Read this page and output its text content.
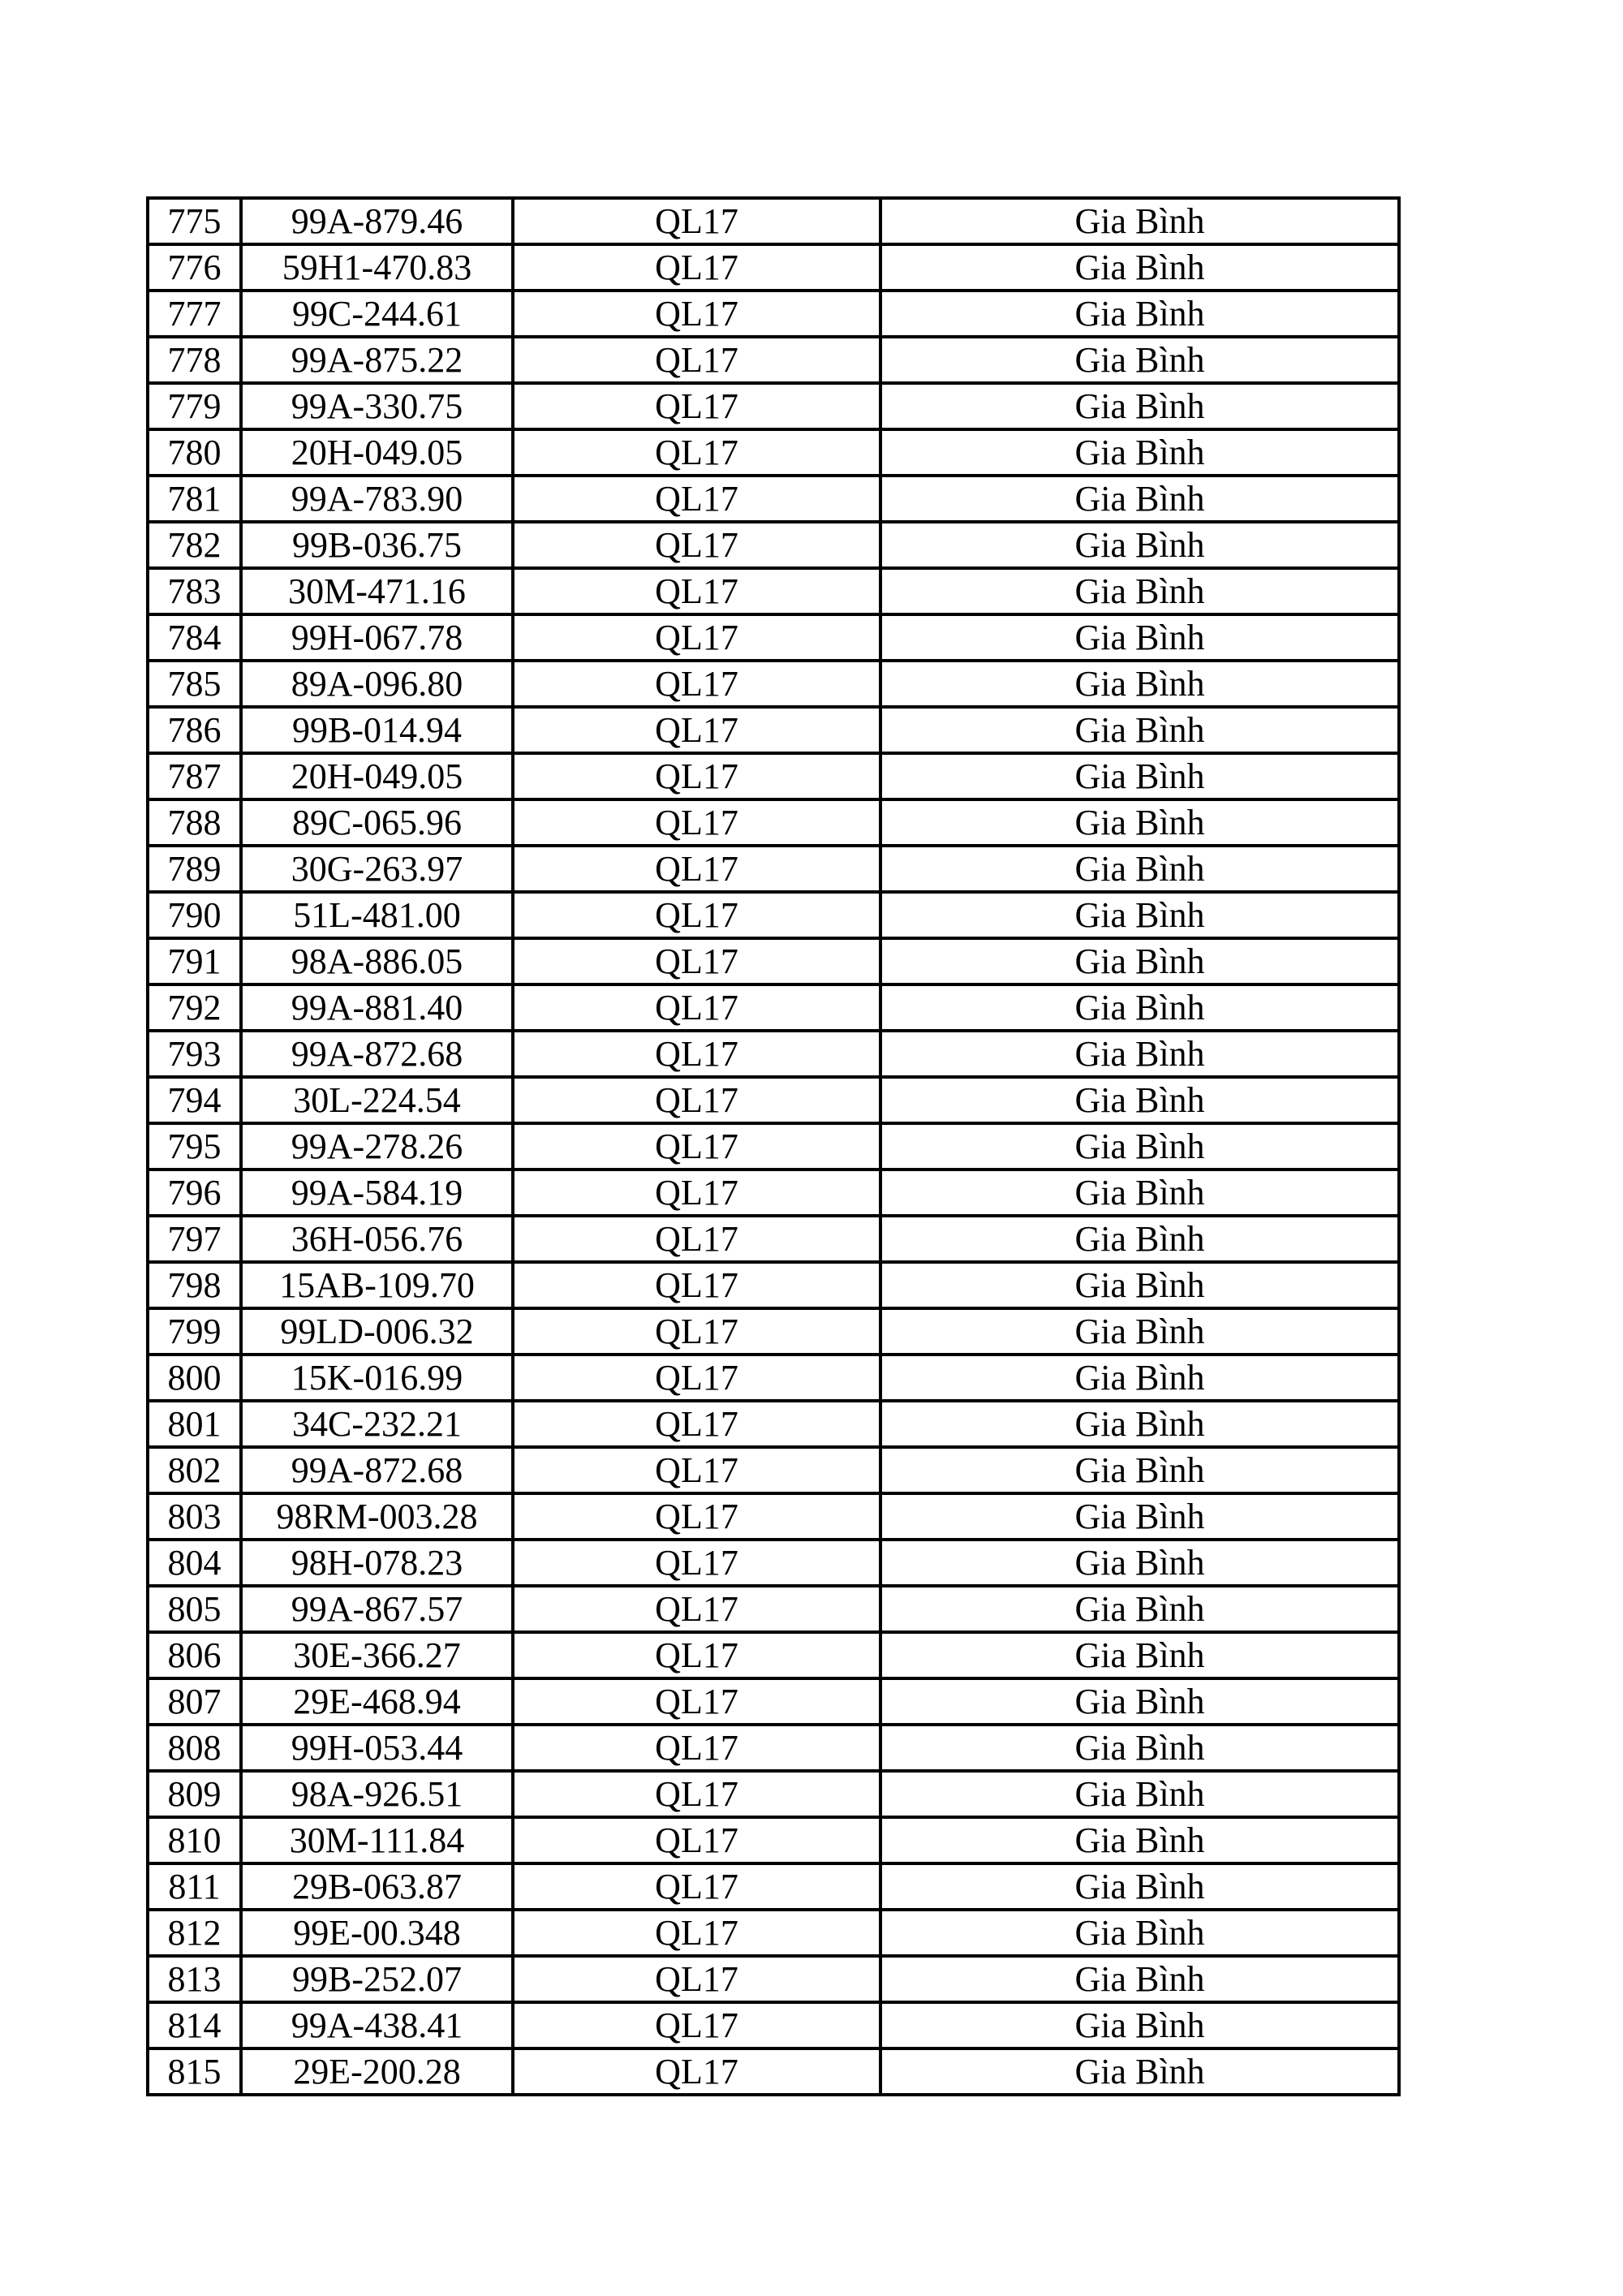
775	99A-879.46	QL17	Gia Bình
776	59H1-470.83	QL17	Gia Bình
777	99C-244.61	QL17	Gia Bình
778	99A-875.22	QL17	Gia Bình
779	99A-330.75	QL17	Gia Bình
780	20H-049.05	QL17	Gia Bình
781	99A-783.90	QL17	Gia Bình
782	99B-036.75	QL17	Gia Bình
783	30M-471.16	QL17	Gia Bình
784	99H-067.78	QL17	Gia Bình
785	89A-096.80	QL17	Gia Bình
786	99B-014.94	QL17	Gia Bình
787	20H-049.05	QL17	Gia Bình
788	89C-065.96	QL17	Gia Bình
789	30G-263.97	QL17	Gia Bình
790	51L-481.00	QL17	Gia Bình
791	98A-886.05	QL17	Gia Bình
792	99A-881.40	QL17	Gia Bình
793	99A-872.68	QL17	Gia Bình
794	30L-224.54	QL17	Gia Bình
795	99A-278.26	QL17	Gia Bình
796	99A-584.19	QL17	Gia Bình
797	36H-056.76	QL17	Gia Bình
798	15AB-109.70	QL17	Gia Bình
799	99LD-006.32	QL17	Gia Bình
800	15K-016.99	QL17	Gia Bình
801	34C-232.21	QL17	Gia Bình
802	99A-872.68	QL17	Gia Bình
803	98RM-003.28	QL17	Gia Bình
804	98H-078.23	QL17	Gia Bình
805	99A-867.57	QL17	Gia Bình
806	30E-366.27	QL17	Gia Bình
807	29E-468.94	QL17	Gia Bình
808	99H-053.44	QL17	Gia Bình
809	98A-926.51	QL17	Gia Bình
810	30M-111.84	QL17	Gia Bình
811	29B-063.87	QL17	Gia Bình
812	99E-00.348	QL17	Gia Bình
813	99B-252.07	QL17	Gia Bình
814	99A-438.41	QL17	Gia Bình
815	29E-200.28	QL17	Gia Bình
